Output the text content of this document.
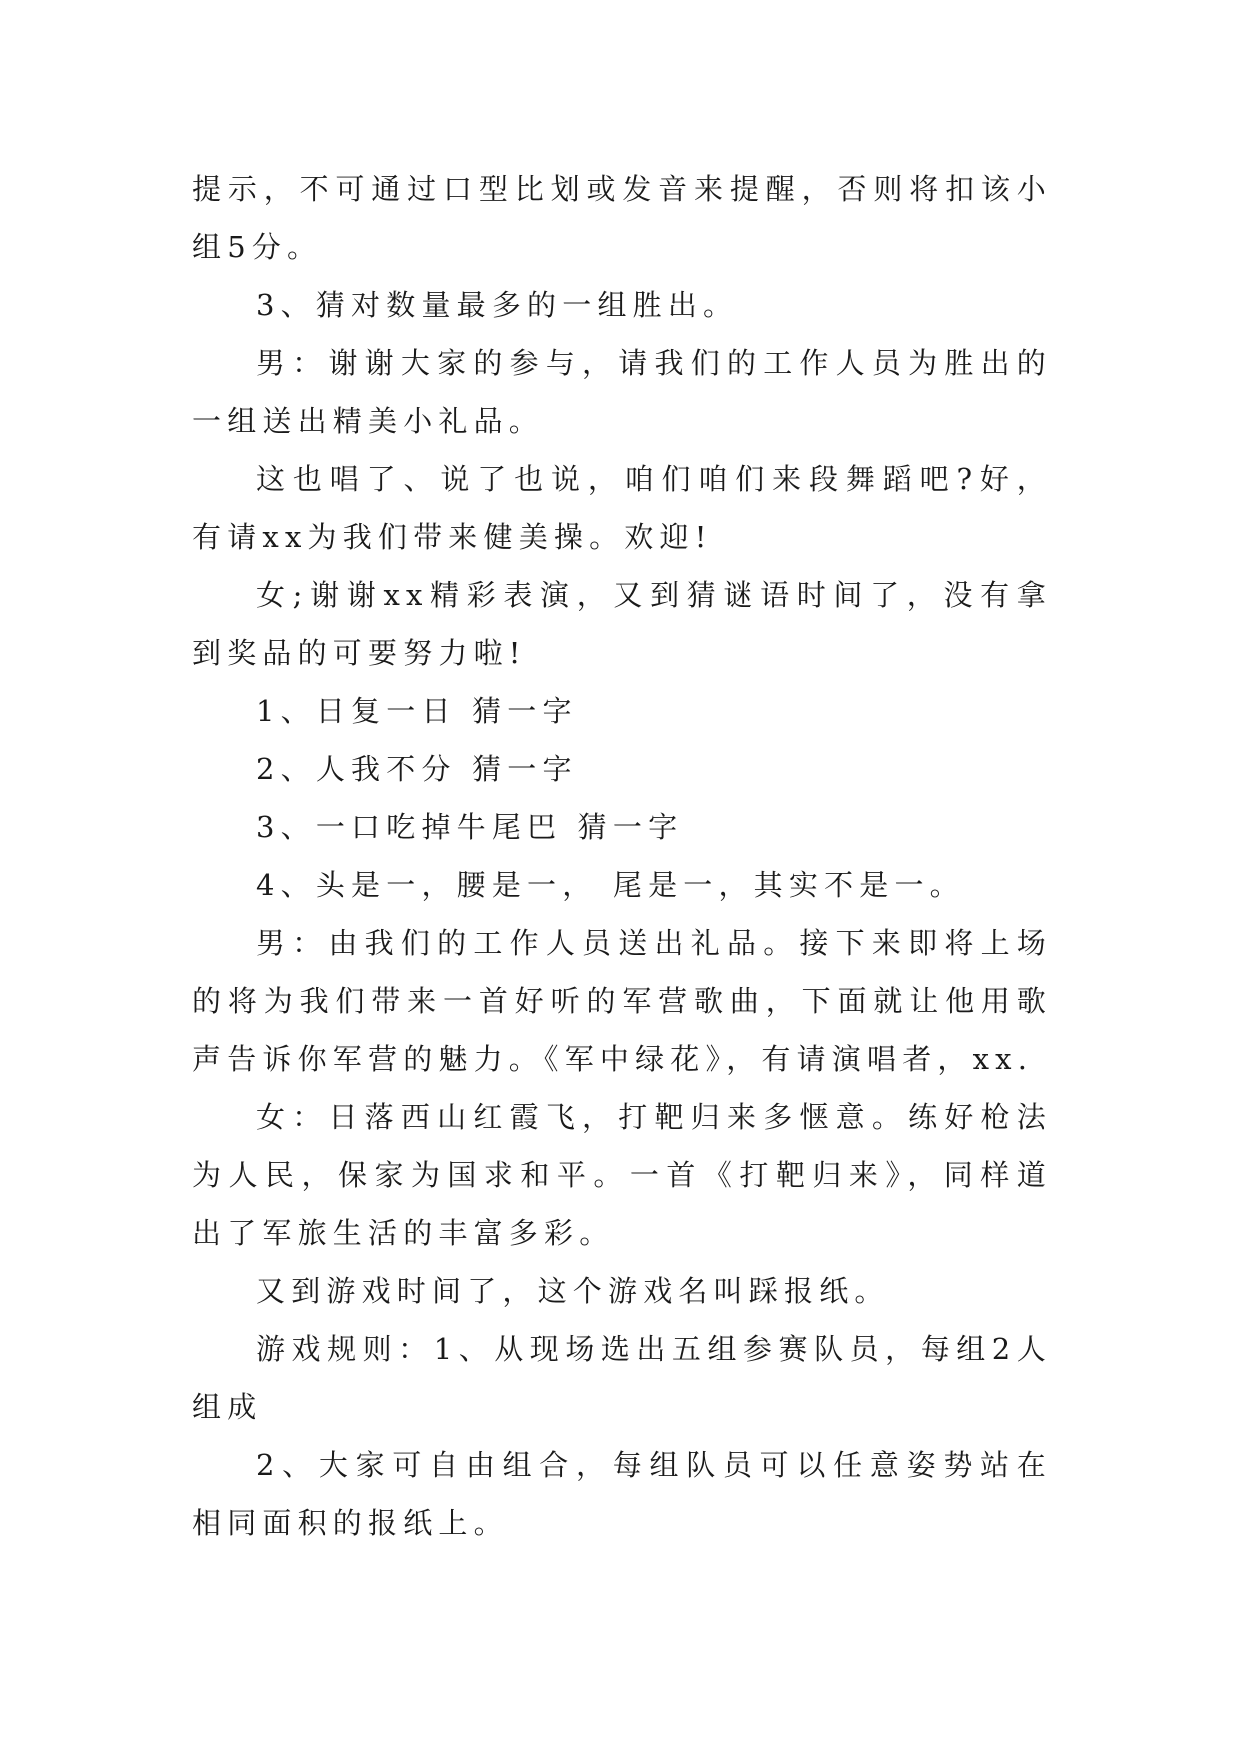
提示，不可通过口型比划或发音来提醒，否则将扣该小组5分。

3、猜对数量最多的一组胜出。

男：谢谢大家的参与，请我们的工作人员为胜出的一组送出精美小礼品。

这也唱了、说了也说，咱们咱们来段舞蹈吧?好，有请xx为我们带来健美操。欢迎!

女;谢谢xx精彩表演，又到猜谜语时间了，没有拿到奖品的可要努力啦!

1、日复一日 猜一字

2、人我不分 猜一字

3、一口吃掉牛尾巴 猜一字

4、头是一，腰是一， 尾是一，其实不是一。

男：由我们的工作人员送出礼品。接下来即将上场的将为我们带来一首好听的军营歌曲，下面就让他用歌声告诉你军营的魅力。《军中绿花》，有请演唱者，xx.

女：日落西山红霞飞，打靶归来多惬意。练好枪法为人民，保家为国求和平。一首《打靶归来》，同样道出了军旅生活的丰富多彩。

又到游戏时间了，这个游戏名叫踩报纸。

游戏规则：1、从现场选出五组参赛队员，每组2人组成

2、大家可自由组合，每组队员可以任意姿势站在相同面积的报纸上。
